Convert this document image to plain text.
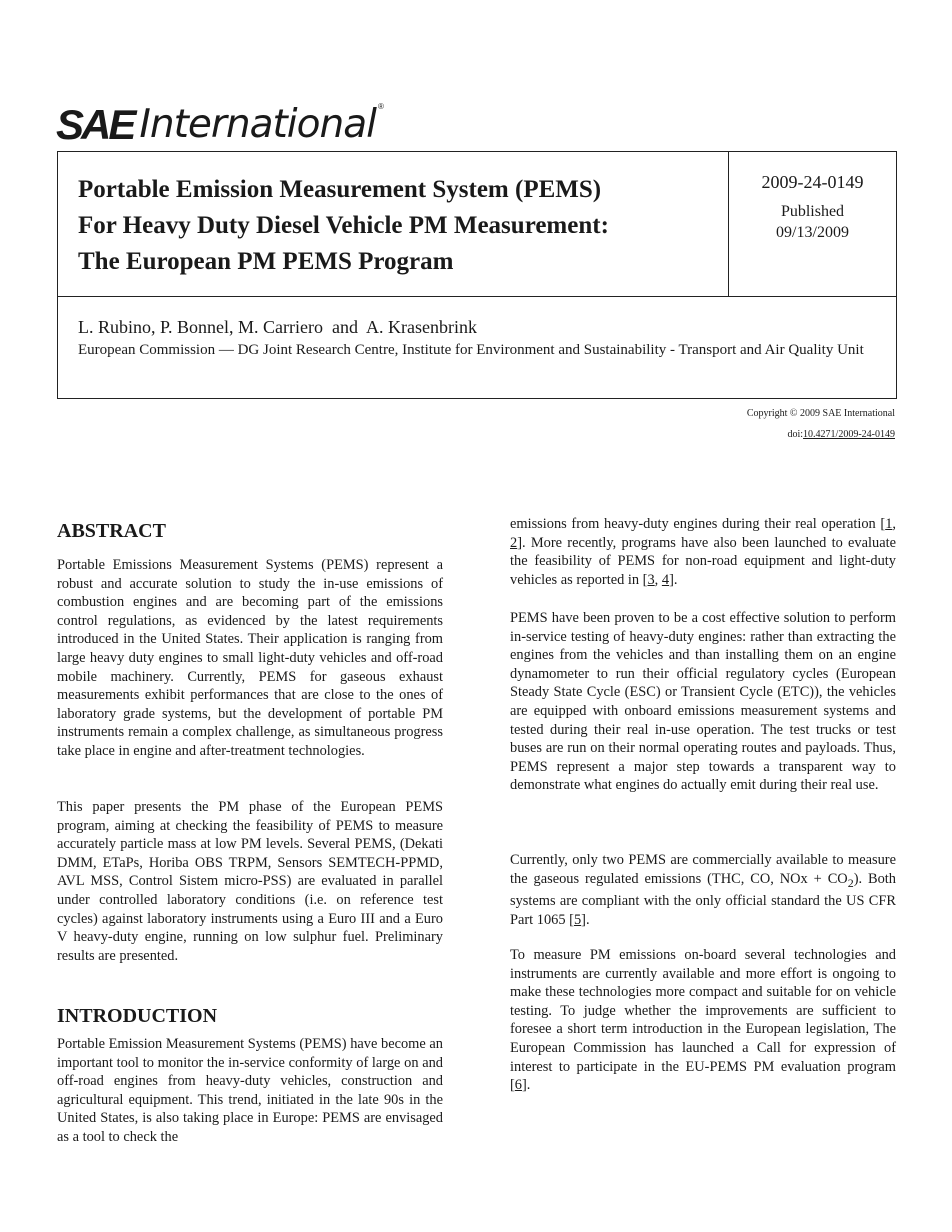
SAE International ®
Portable Emission Measurement System (PEMS)
For Heavy Duty Diesel Vehicle PM Measurement:
The European PM PEMS Program
2009-24-0149
Published
09/13/2009
L. Rubino, P. Bonnel, M. Carriero  and  A. Krasenbrink
European Commission — DG Joint Research Centre, Institute for Environment and Sustainability - Transport and Air Quality Unit
Copyright © 2009 SAE International
doi:10.4271/2009-24-0149
ABSTRACT

Portable Emissions Measurement Systems (PEMS) represent a robust and accurate solution to study the in-use emissions of combustion engines and are becoming part of the emissions control regulations, as evidenced by the latest requirements introduced in the United States. Their application is ranging from large heavy duty engines to small light-duty vehicles and off-road mobile machinery. Currently, PEMS for gaseous exhaust measurements exhibit performances that are close to the ones of laboratory grade systems, but the development of portable PM instruments remain a complex challenge, as simultaneous progress take place in engine and after-treatment technologies.

This paper presents the PM phase of the European PEMS program, aiming at checking the feasibility of PEMS to measure accurately particle mass at low PM levels. Several PEMS, (Dekati DMM, ETaPs, Horiba OBS TRPM, Sensors SEMTECH-PPMD, AVL MSS, Control Sistem micro-PSS) are evaluated in parallel under controlled laboratory conditions (i.e. on reference test cycles) against laboratory instruments using a Euro III and a Euro V heavy-duty engine, running on low sulphur fuel. Preliminary results are presented.

INTRODUCTION

Portable Emission Measurement Systems (PEMS) have become an important tool to monitor the in-service conformity of large on and off-road engines from heavy-duty vehicles, construction and agricultural equipment. This trend, initiated in the late 90s in the United States, is also taking place in Europe: PEMS are envisaged as a tool to check the

emissions from heavy-duty engines during their real operation [1, 2]. More recently, programs have also been launched to evaluate the feasibility of PEMS for non-road equipment and light-duty vehicles as reported in [3, 4].

PEMS have been proven to be a cost effective solution to perform in-service testing of heavy-duty engines: rather than extracting the engines from the vehicles and than installing them on an engine dynamometer to run their official regulatory cycles (European Steady State Cycle (ESC) or Transient Cycle (ETC)), the vehicles are equipped with onboard emissions measurement systems and tested during their real in-use operation. The test trucks or test buses are run on their normal operating routes and payloads. Thus, PEMS represent a major step towards a transparent way to demonstrate what engines do actually emit during their real use.

Currently, only two PEMS are commercially available to measure the gaseous regulated emissions (THC, CO, NOx + $CO_2$). Both systems are compliant with the only official standard the US CFR Part 1065 [5].

To measure PM emissions on-board several technologies and instruments are currently available and more effort is ongoing to make these technologies more compact and suitable for on vehicle testing. To judge whether the improvements are sufficient to foresee a short term introduction in the European legislation, The European Commission has launched a Call for expression of interest to participate in the EU-PEMS PM evaluation program [6].
